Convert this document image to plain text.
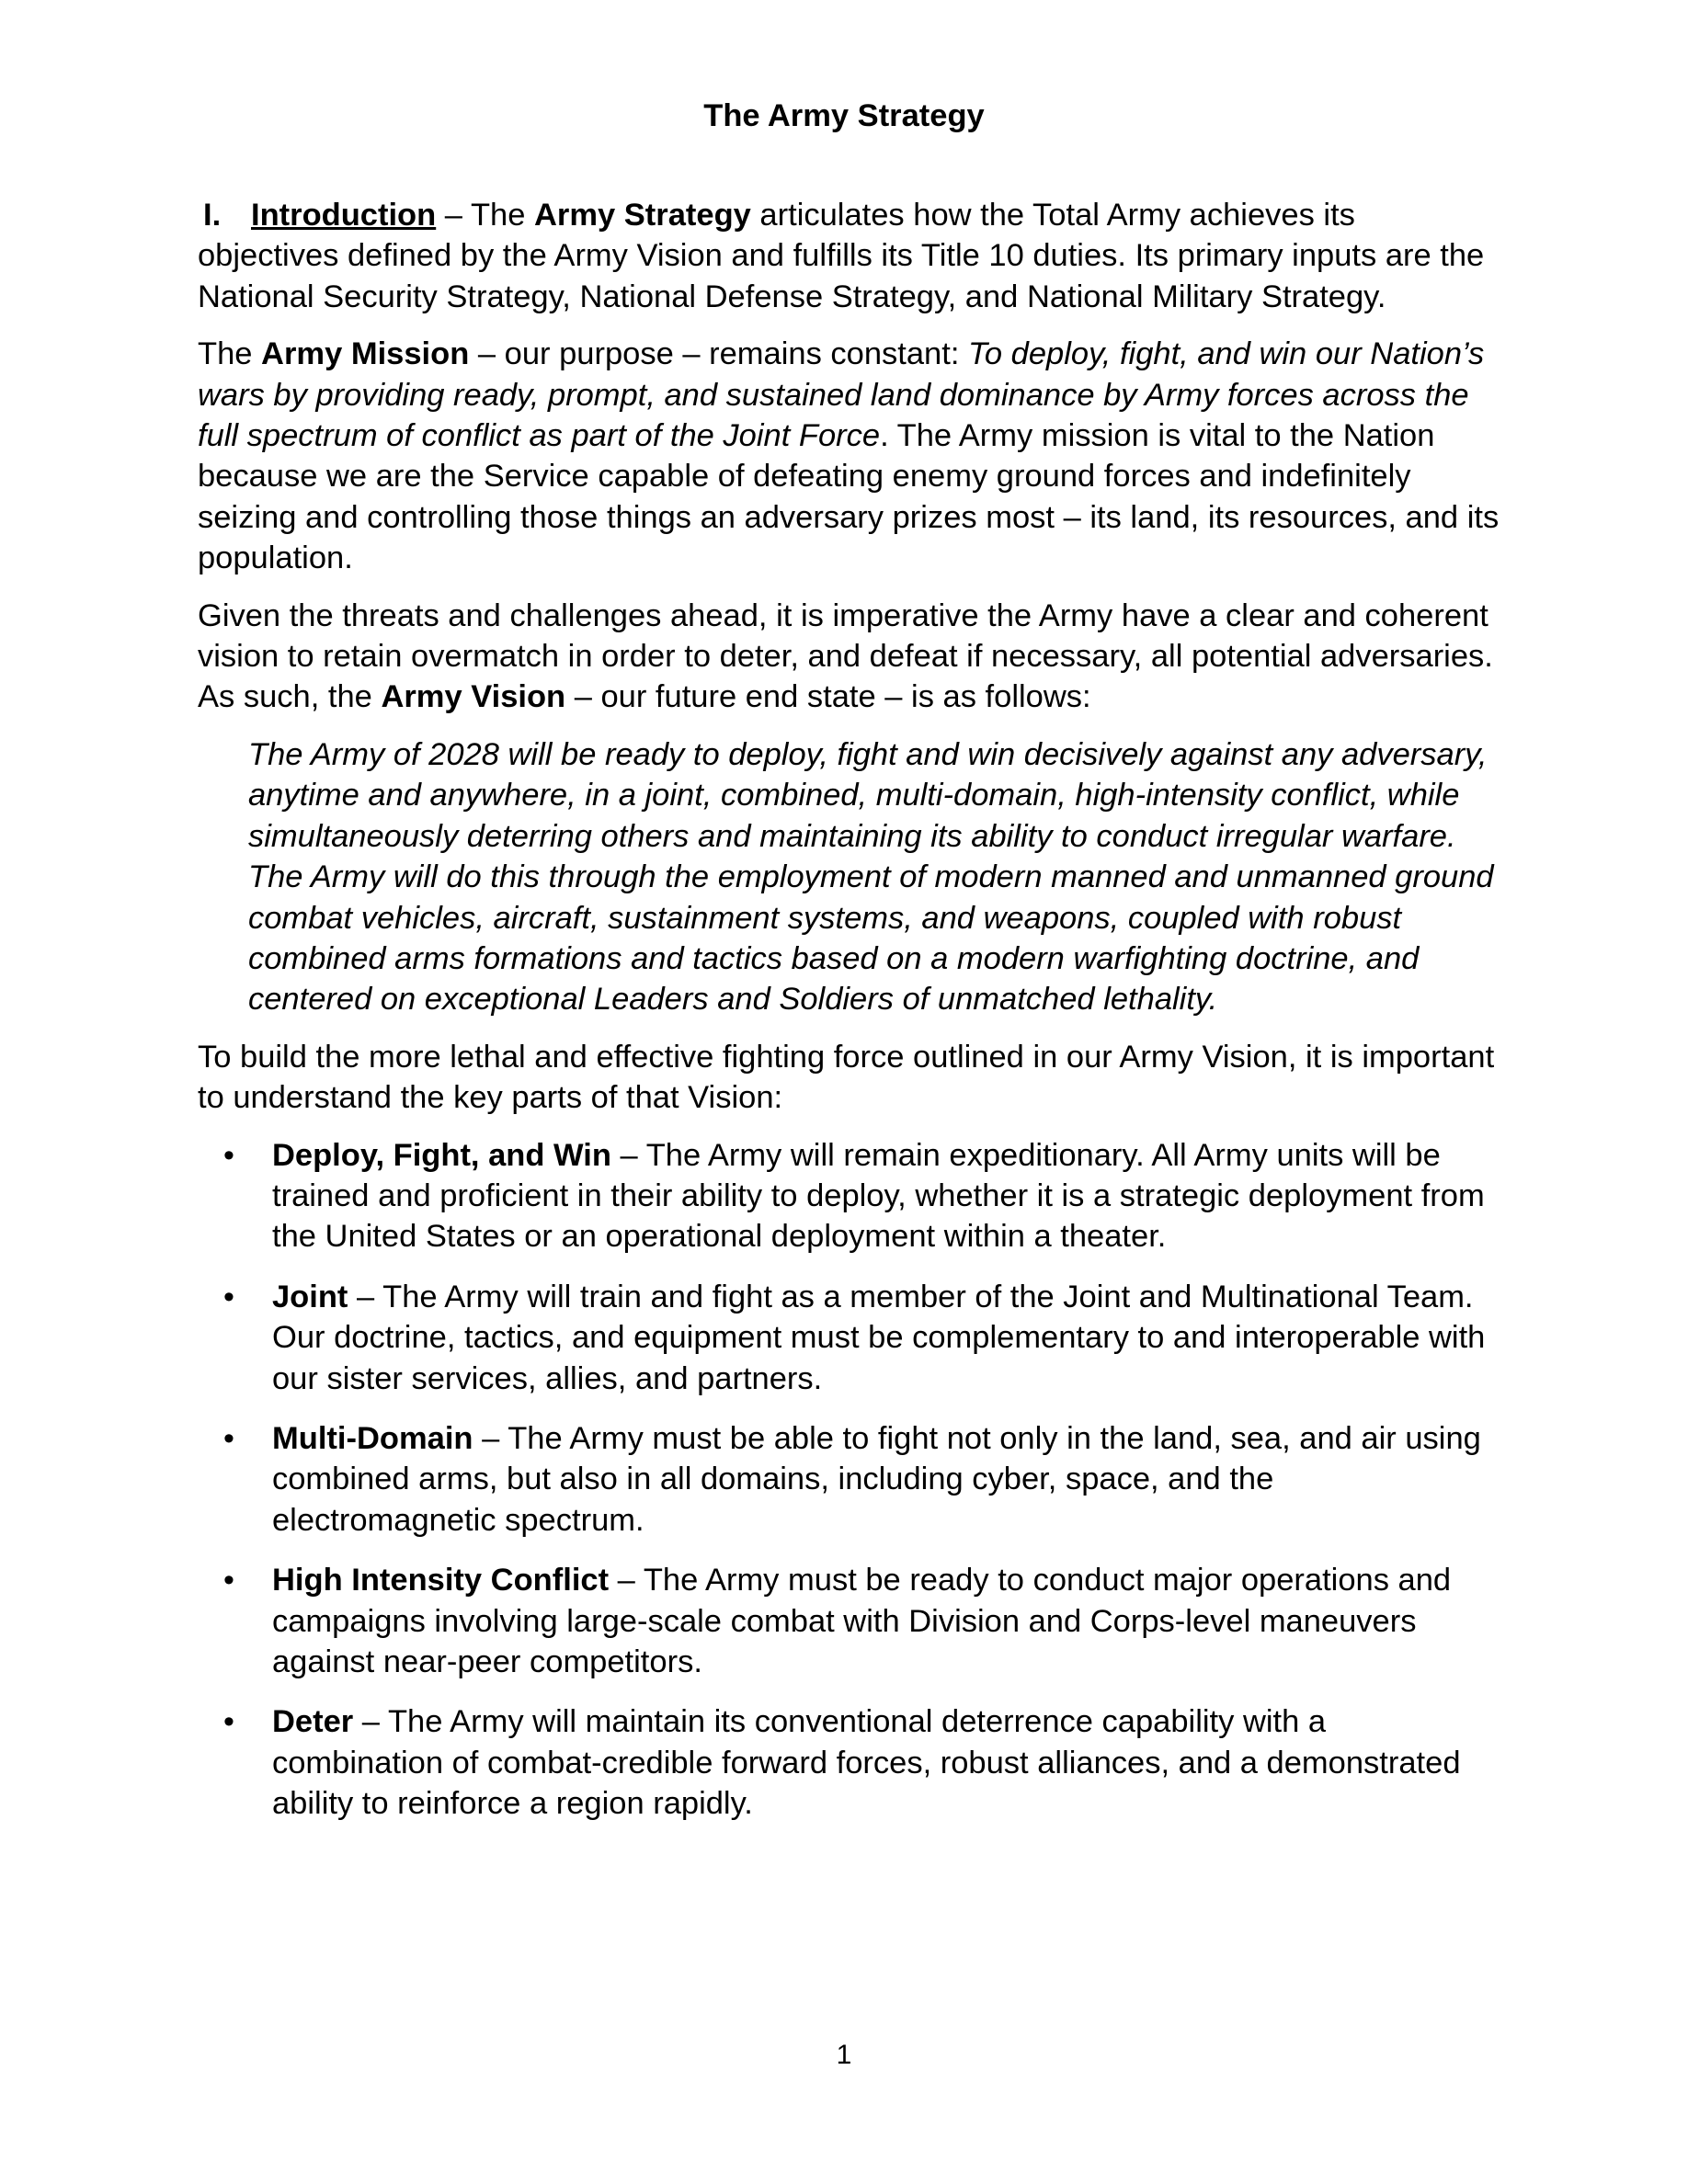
The Army Strategy

I. Introduction – The Army Strategy articulates how the Total Army achieves its objectives defined by the Army Vision and fulfills its Title 10 duties. Its primary inputs are the National Security Strategy, National Defense Strategy, and National Military Strategy.

The Army Mission – our purpose – remains constant: To deploy, fight, and win our Nation’s wars by providing ready, prompt, and sustained land dominance by Army forces across the full spectrum of conflict as part of the Joint Force. The Army mission is vital to the Nation because we are the Service capable of defeating enemy ground forces and indefinitely seizing and controlling those things an adversary prizes most – its land, its resources, and its population.

Given the threats and challenges ahead, it is imperative the Army have a clear and coherent vision to retain overmatch in order to deter, and defeat if necessary, all potential adversaries. As such, the Army Vision – our future end state – is as follows:

The Army of 2028 will be ready to deploy, fight and win decisively against any adversary, anytime and anywhere, in a joint, combined, multi-domain, high-intensity conflict, while simultaneously deterring others and maintaining its ability to conduct irregular warfare. The Army will do this through the employment of modern manned and unmanned ground combat vehicles, aircraft, sustainment systems, and weapons, coupled with robust combined arms formations and tactics based on a modern warfighting doctrine, and centered on exceptional Leaders and Soldiers of unmatched lethality.

To build the more lethal and effective fighting force outlined in our Army Vision, it is important to understand the key parts of that Vision:

• Deploy, Fight, and Win – The Army will remain expeditionary. All Army units will be trained and proficient in their ability to deploy, whether it is a strategic deployment from the United States or an operational deployment within a theater.
• Joint – The Army will train and fight as a member of the Joint and Multinational Team. Our doctrine, tactics, and equipment must be complementary to and interoperable with our sister services, allies, and partners.
• Multi-Domain – The Army must be able to fight not only in the land, sea, and air using combined arms, but also in all domains, including cyber, space, and the electromagnetic spectrum.
• High Intensity Conflict – The Army must be ready to conduct major operations and campaigns involving large-scale combat with Division and Corps-level maneuvers against near-peer competitors.
• Deter – The Army will maintain its conventional deterrence capability with a combination of combat-credible forward forces, robust alliances, and a demonstrated ability to reinforce a region rapidly.
1
